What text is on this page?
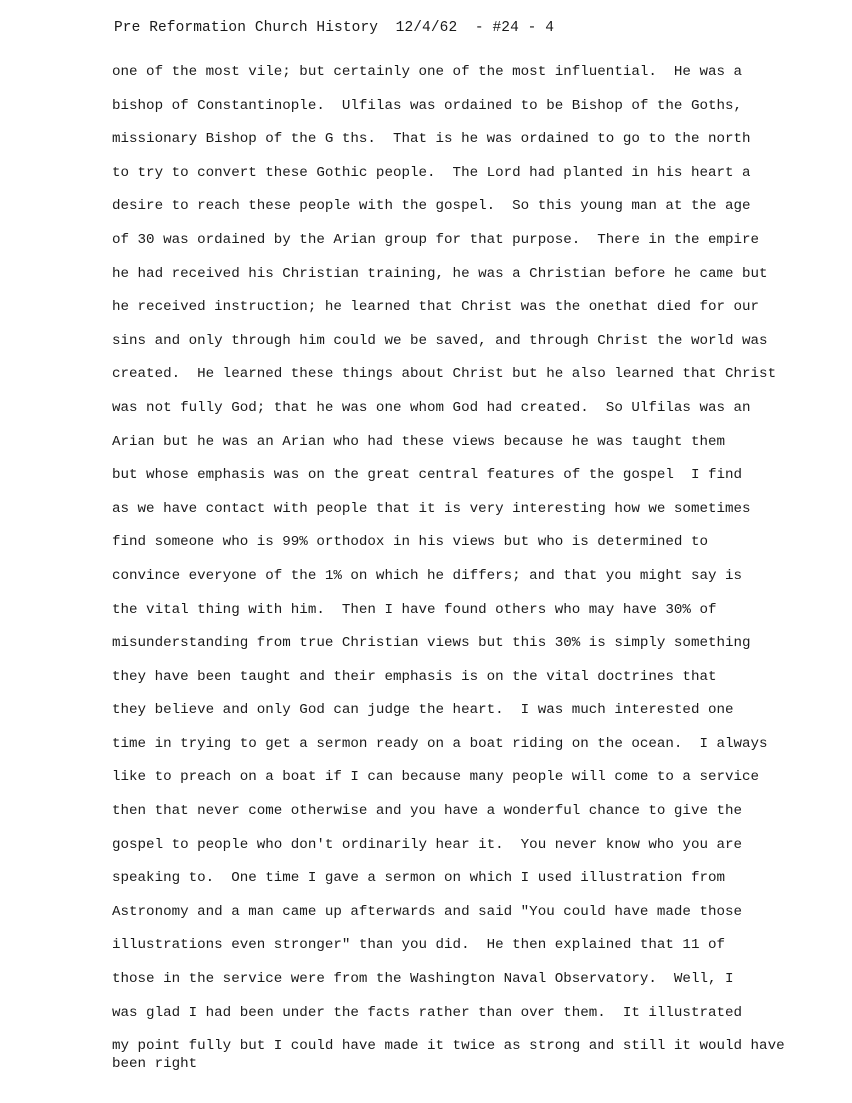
Pre Reformation Church History  12/4/62  - #24 - 4
one of the most vile; but certainly one of the most influential.  He was a
bishop of Constantinople.  Ulfilas was ordained to be Bishop of the Goths,
missionary Bishop of the G ths.  That is he was ordained to go to the north
to try to convert these Gothic people.  The Lord had planted in his heart a
desire to reach these people with the gospel.  So this young man at the age
of 30 was ordained by the Arian group for that purpose.  There in the empire
he had received his Christian training, he was a Christian before he came but
he received instruction; he learned that Christ was the onethat died for our
sins and only through him could we be saved, and through Christ the world was
created.  He learned these things about Christ but he also learned that Christ
was not fully God; that he was one whom God had created.  So Ulfilas was an
Arian but he was an Arian who had these views because he was taught them
but whose emphasis was on the great central features of the gospel  I find
as we have contact with people that it is very interesting how we sometimes
find someone who is 99% orthodox in his views but who is determined to
convince everyone of the 1% on which he differs; and that you might say is
the vital thing with him.  Then I have found others who may have 30% of
misunderstanding from true Christian views but this 30% is simply something
they have been taught and their emphasis is on the vital doctrines that
they believe and only God can judge the heart.  I was much interested one
time in trying to get a sermon ready on a boat riding on the ocean.  I always
like to preach on a boat if I can because many people will come to a service
then that never come otherwise and you have a wonderful chance to give the
gospel to people who don't ordinarily hear it.  You never know who you are
speaking to.  One time I gave a sermon on which I used illustration from
Astronomy and a man came up afterwards and said "You could have made those
illustrations even stronger" than you did.  He then explained that 11 of
those in the service were from the Washington Naval Observatory.  Well, I
was glad I had been under the facts rather than over them.  It illustrated
my point fully but I could have made it twice as strong and still it would have
been right
